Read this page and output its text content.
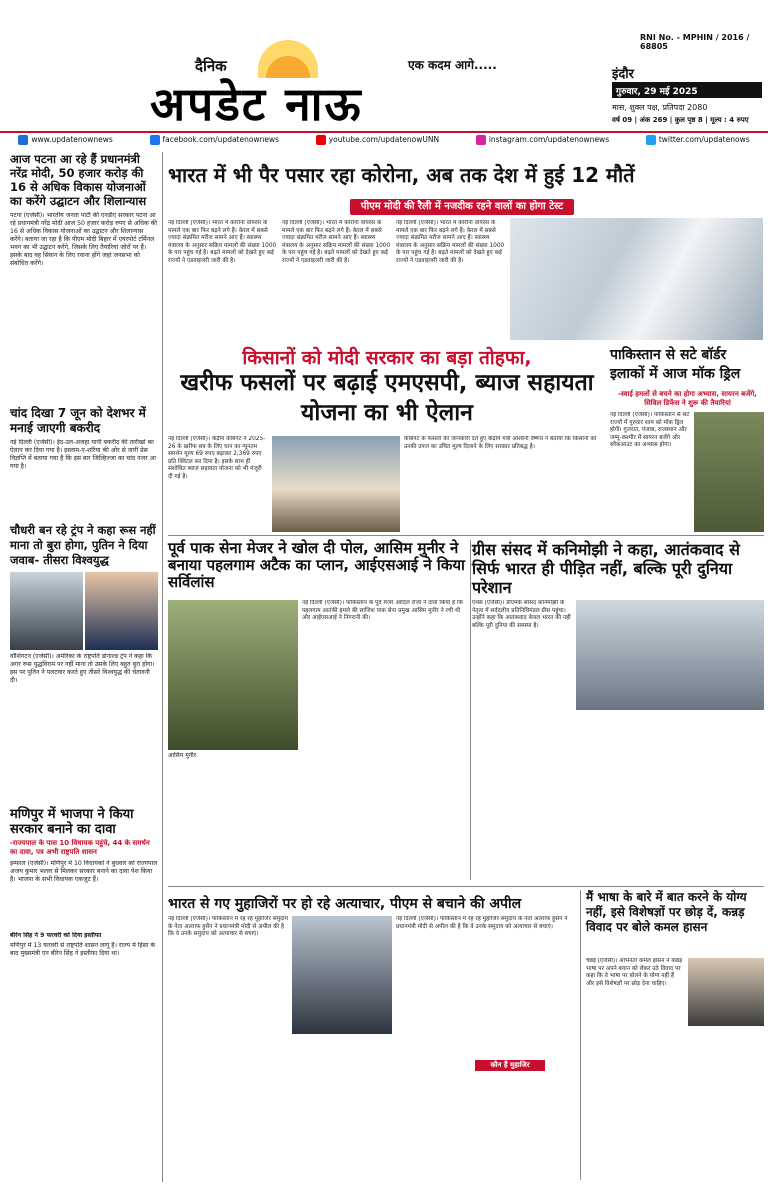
RNI No. - MPHIN / 2016 / 68805
दैनिक
अपडेट नाऊ
एक कदम आगे.....
इंदौर
गुरुवार, 29 मई 2025
मास, शुक्ल पक्ष, प्रतिपदा 2080
वर्ष 09 | अंक 269 | कुल पृष्ठ 8 | मूल्य : 4 रुपए
www.updatenownews	facebook.com/updatenownews	youtube.com/updatenowUNN	instagram.com/updatenownews	twitter.com/updatenows
आज पटना आ रहे हैं प्रधानमंत्री नरेंद्र मोदी, 50 हजार करोड़ की 16 से अधिक विकास योजनाओं का करेंगे उद्घाटन और शिलान्यास
पटना (एजेंसी)। भारतीय जनता पार्टी की एनडीए सरकार पटना आ रहे प्रधानमंत्री नरेंद्र मोदी आज 50 हजार करोड़ रुपए से अधिक की 16 से अधिक विकास योजनाओं का उद्घाटन और शिलान्यास करेंगे। बताया जा रहा है कि पीएम मोदी बिहार में एयरपोर्ट टर्मिनल भवन का भी उद्घाटन करेंगे, जिसके लिए तैयारियां जोरों पर हैं। इसके बाद वह सिवान के लिए रवाना होंगे जहां जनसभा को संबोधित करेंगे।
चांद दिखा 7 जून को देशभर में मनाई जाएगी बकरीद
नई दिल्ली (एजेंसी)। ईद-उल-अजहा यानी बकरीद की तारीखों का ऐलान कर दिया गया है। इस्लाम-ए-शरिया की ओर से जारी प्रेस विज्ञप्ति में बताया गया है कि इस बार जिल्हिज्जा का चांद नजर आ गया है।
चौधरी बन रहे ट्रंप ने कहा रूस नहीं माना तो बुरा होगा, पुतिन ने दिया जवाब- तीसरा विश्वयुद्ध
वॉशिंगटन (एजेंसी)। अमेरिका के राष्ट्रपति डोनाल्ड ट्रंप ने कहा कि अगर रूस युद्धविराम पर नहीं माना तो उसके लिए बहुत बुरा होगा। इस पर पुतिन ने पलटवार करते हुए तीसरे विश्वयुद्ध की चेतावनी दी।
मणिपुर में भाजपा ने किया सरकार बनाने का दावा
-राज्यपाल के पास 10 विधायक पहुंचे, 44 के समर्थन का दावा, पत्र अभी राष्ट्रपति शासन
इम्फाल (एजेंसी)। मणिपुर में 10 विधायकों ने बुधवार को राज्यपाल अजय कुमार भल्ला से मिलकर सरकार बनाने का दावा पेश किया है। भाजपा के सभी विधायक एकजुट हैं।
बीरेन सिंह ने 9 फरवरी को दिया इस्तीफा
मणिपुर में 13 फरवरी से राष्ट्रपति शासन लागू है। राज्य में हिंसा के बाद मुख्यमंत्री एन बीरेन सिंह ने इस्तीफा दिया था।
भारत में भी पैर पसार रहा कोरोना, अब तक देश में हुई 12 मौतें
पीएम मोदी की रैली में नजदीक रहने वालों का होगा टेस्ट
नई दिल्ली (एजेंसी)। भारत में कोरोना वायरस के मामले एक बार फिर बढ़ने लगे हैं। केरल में सबसे ज्यादा संक्रमित मरीज सामने आए हैं। स्वास्थ्य मंत्रालय के अनुसार सक्रिय मामलों की संख्या 1000 के पार पहुंच गई है। बढ़ते मामलों को देखते हुए कई राज्यों ने एडवाइजरी जारी की है।
नई दिल्ली (एजेंसी)। भारत में कोरोना वायरस के मामले एक बार फिर बढ़ने लगे हैं। केरल में सबसे ज्यादा संक्रमित मरीज सामने आए हैं। स्वास्थ्य मंत्रालय के अनुसार सक्रिय मामलों की संख्या 1000 के पार पहुंच गई है। बढ़ते मामलों को देखते हुए कई राज्यों ने एडवाइजरी जारी की है।
नई दिल्ली (एजेंसी)। भारत में कोरोना वायरस के मामले एक बार फिर बढ़ने लगे हैं। केरल में सबसे ज्यादा संक्रमित मरीज सामने आए हैं। स्वास्थ्य मंत्रालय के अनुसार सक्रिय मामलों की संख्या 1000 के पार पहुंच गई है। बढ़ते मामलों को देखते हुए कई राज्यों ने एडवाइजरी जारी की है।
किसानों को मोदी सरकार का बड़ा तोहफा,
खरीफ फसलों पर बढ़ाई एमएसपी, ब्याज सहायता योजना का भी ऐलान
नई दिल्ली (एजेंसी)। केंद्रीय कैबिनेट ने 2025-26 के खरीफ सत्र के लिए धान का न्यूनतम समर्थन मूल्य 69 रुपए बढ़ाकर 2,369 रुपए प्रति क्विंटल कर दिया है। इसके साथ ही संशोधित ब्याज सहायता योजना को भी मंजूरी दी गई है।
कैबिनेट के फैसलों की जानकारी देते हुए केंद्रीय मंत्री अश्विनी वैष्णव ने बताया कि किसानों को उनकी उपज का उचित मूल्य दिलाने के लिए सरकार प्रतिबद्ध है।
पाकिस्तान से सटे बॉर्डर इलाकों में आज मॉक ड्रिल
-स्वाई हमलों से बचने का होगा अभ्यास, सायरन बजेंगे, सिविल डिफेंस ने शुरू की तैयारियां
नई दिल्ली (एजेंसी)। पाकिस्तान से सटे राज्यों में गुरुवार शाम को मॉक ड्रिल होगी। गुजरात, पंजाब, राजस्थान और जम्मू-कश्मीर में सायरन बजेंगे और ब्लैकआउट का अभ्यास होगा।
पूर्व पाक सेना मेजर ने खोल दी पोल, आसिम मुनीर ने बनाया पहलगाम अटैक का प्लान, आईएसआई ने किया सर्विलांस
आसिम मुनीर
नई दिल्ली (एजेंसी)। पाकिस्तान के पूर्व मेजर आदिल राजा ने दावा किया है कि पहलगाम आतंकी हमले की साजिश पाक सेना प्रमुख आसिम मुनीर ने रची थी और आईएसआई ने निगरानी की।
ग्रीस संसद में कनिमोझी ने कहा, आतंकवाद से सिर्फ भारत ही पीड़ित नहीं, बल्कि पूरी दुनिया परेशान
एथेंस (एजेंसी)। डीएमके सांसद कनिमोझी के नेतृत्व में सर्वदलीय प्रतिनिधिमंडल ग्रीस पहुंचा। उन्होंने कहा कि आतंकवाद केवल भारत की नहीं बल्कि पूरी दुनिया की समस्या है।
भारत से गए मुहाजिरों पर हो रहे अत्याचार, पीएम से बचाने की अपील
नई दिल्ली (एजेंसी)। पाकिस्तान में रह रहे मुहाजिर समुदाय के नेता अल्ताफ हुसैन ने प्रधानमंत्री मोदी से अपील की है कि वे उनके समुदाय को अत्याचार से बचाएं।
नई दिल्ली (एजेंसी)। पाकिस्तान में रह रहे मुहाजिर समुदाय के नेता अल्ताफ हुसैन ने प्रधानमंत्री मोदी से अपील की है कि वे उनके समुदाय को अत्याचार से बचाएं।
कौन हैं मुहाजिर
मैं भाषा के बारे में बात करने के योग्य नहीं, इसे विशेषज्ञों पर छोड़ दें, कन्नड़ विवाद पर बोले कमल हासन
चेन्नई (एजेंसी)। अभिनेता कमल हासन ने कन्नड़ भाषा पर अपने बयान को लेकर उठे विवाद पर कहा कि वे भाषा पर बोलने के योग्य नहीं हैं और इसे विशेषज्ञों पर छोड़ देना चाहिए।
